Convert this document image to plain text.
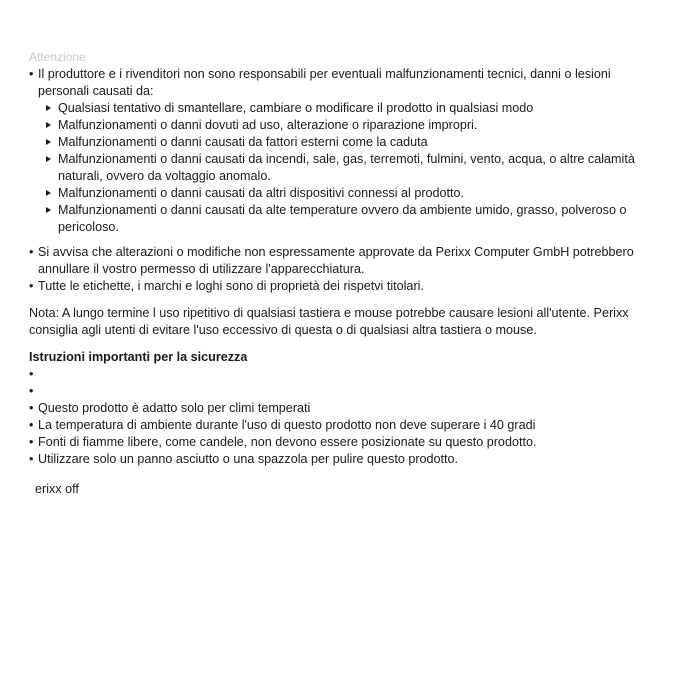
Attenzione
• Il produttore e i rivenditori non sono responsabili per eventuali malfunzionamenti tecnici, danni o lesioni personali causati da:
Qualsiasi tentativo di smantellare, cambiare o modificare il prodotto in qualsiasi modo
Malfunzionamenti o danni dovuti ad uso, alterazione o riparazione impropri.
Malfunzionamenti o danni causati da fattori esterni come la caduta
Malfunzionamenti o danni causati da incendi, sale, gas, terremoti, fulmini, vento, acqua, o altre calamità naturali, ovvero da voltaggio anomalo.
Malfunzionamenti o danni causati da altri dispositivi connessi al prodotto.
Malfunzionamenti o danni causati da alte temperature ovvero da ambiente umido, grasso, polveroso o pericoloso.
• Si avvisa che alterazioni o modifiche non espressamente approvate da Perixx Computer GmbH potrebbero annullare il vostro permesso di utilizzare l'apparecchiatura.
• Tutte le etichette, i marchi e loghi sono di proprietà dei rispetvi titolari.
Nota: A lungo termine l uso ripetitivo di qualsiasi tastiera e mouse potrebbe causare lesioni all'utente. Perixx consiglia agli utenti di evitare l'uso eccessivo di questa o di qualsiasi altra tastiera o mouse.
Istruzioni importanti per la sicurezza
•

•

• Questo prodotto è adatto solo per climi temperati
• La temperatura di ambiente durante l'uso di questo prodotto non deve superare i 40 gradi
• Fonti di fiamme libere, come candele, non devono essere posizionate su questo prodotto.
• Utilizzare solo un panno asciutto o una spazzola per pulire questo prodotto.
erixx off
